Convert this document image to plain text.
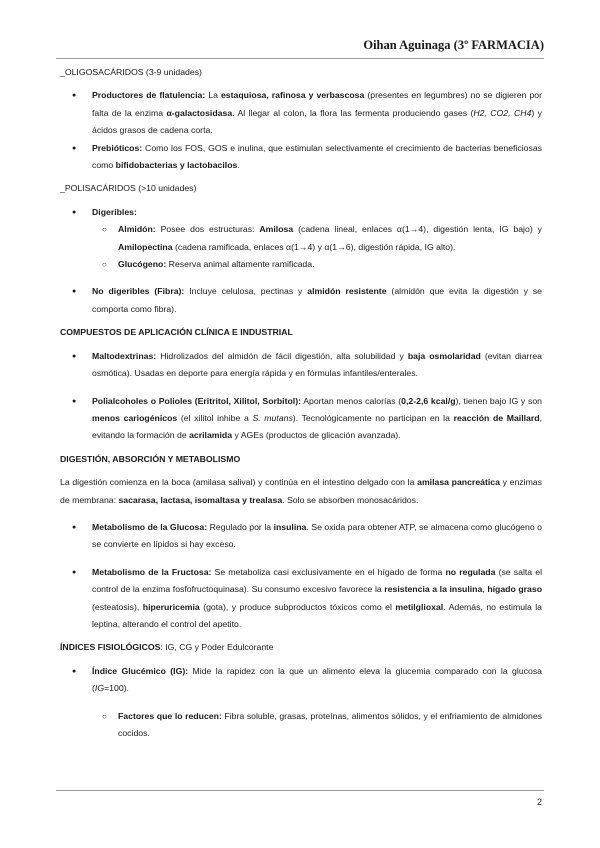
Oihan Aguinaga (3º FARMACIA)

_OLIGOSACÁRIDOS (3-9 unidades)

● Productores de flatulencia: La estaquiosa, rafinosa y verbascosa (presentes en legumbres) no se digieren por falta de la enzima α-galactosidasa. Al llegar al colon, la flora las fermenta produciendo gases (H2, CO2, CH4) y ácidos grasos de cadena corta.
● Prebióticos: Como los FOS, GOS e inulina, que estimulan selectivamente el crecimiento de bacterias beneficiosas como bifidobacterias y lactobacilos.

_POLISACÁRIDOS (>10 unidades)

● Digeribles:
○ Almidón: Posee dos estructuras: Amilosa (cadena lineal, enlaces α(1→4), digestión lenta, IG bajo) y Amilopectina (cadena ramificada, enlaces α(1→4) y α(1→6), digestión rápida, IG alto).
○ Glucógeno: Reserva animal altamente ramificada.
● No digeribles (Fibra): Incluye celulosa, pectinas y almidón resistente (almidón que evita la digestión y se comporta como fibra).

COMPUESTOS DE APLICACIÓN CLÍNICA E INDUSTRIAL

● Maltodextrinas: Hidrolizados del almidón de fácil digestión, alta solubilidad y baja osmolaridad (evitan diarrea osmótica). Usadas en deporte para energía rápida y en fórmulas infantiles/enterales.
● Polialcoholes o Polioles (Eritritol, Xilitol, Sorbitol): Aportan menos calorías (0,2-2,6 kcal/g), tienen bajo IG y son menos cariogénicos (el xilitol inhibe a S. mutans). Tecnológicamente no participan en la reacción de Maillard, evitando la formación de acrilamida y AGEs (productos de glicación avanzada).

DIGESTIÓN, ABSORCIÓN Y METABOLISMO

La digestión comienza en la boca (amilasa salival) y continúa en el intestino delgado con la amilasa pancreática y enzimas de membrana: sacarasa, lactasa, isomaltasa y trealasa. Solo se absorben monosacáridos.

● Metabolismo de la Glucosa: Regulado por la insulina. Se oxida para obtener ATP, se almacena como glucógeno o se convierte en lípidos si hay exceso.
● Metabolismo de la Fructosa: Se metaboliza casi exclusivamente en el hígado de forma no regulada (se salta el control de la enzima fosfofructoquinasa). Su consumo excesivo favorece la resistencia a la insulina, hígado graso (esteatosis), hiperuricemia (gota), y produce subproductos tóxicos como el metilglioxal. Además, no estimula la leptina, alterando el control del apetito.

ÍNDICES FISIOLÓGICOS: IG, CG y Poder Edulcorante

● Índice Glucémico (IG): Mide la rapidez con la que un alimento eleva la glucemia comparado con la glucosa (IG=100).
○ Factores que lo reducen: Fibra soluble, grasas, proteínas, alimentos sólidos, y el enfriamiento de almidones cocidos.
2
